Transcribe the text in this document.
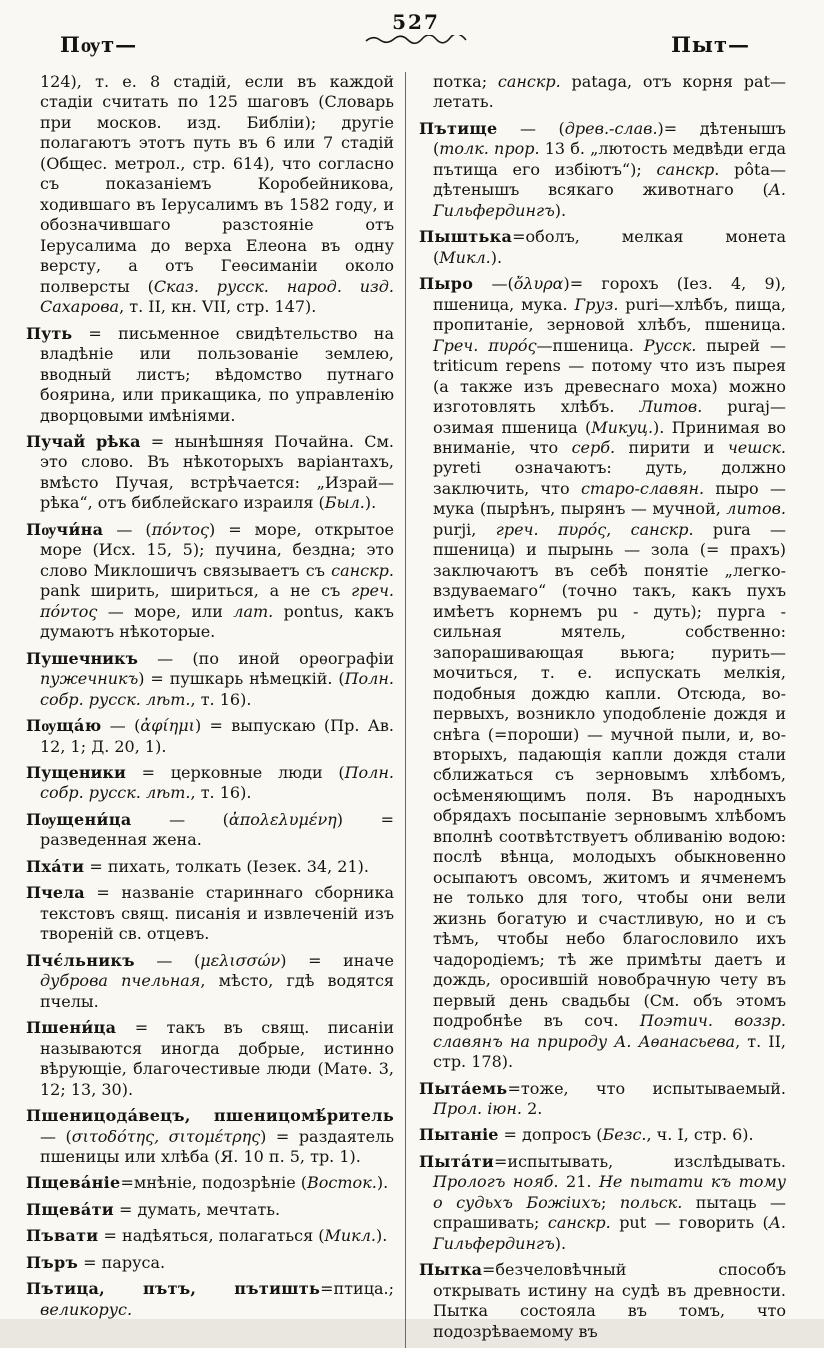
Пѹт—
527
Пыт—

124), т. е. 8 стадій, если въ каждой стадіи считать по 125 шаговъ (Словарь при москов. изд. Библіи); другіе полагаютъ этотъ путь въ 6 или 7 стадій (Общес. метрол., стр. 614), что согласно съ показаніемъ Коробейникова, ходившаго въ Іерусалимъ въ 1582 году, и обозначившаго разстояніе отъ Іерусалима до верха Елеона въ одну версту, а отъ Геѳсиманіи около полверсты (Сказ. русск. народ. изд. Сахарова, т. II, кн. VII, стр. 147).

Путь = письменное свидѣтельство на владѣніе или пользованіе землею, вводный листъ; вѣдомство путнаго боярина, или прикащика, по управленію дворцовыми имѣніями.

Пучай рѣка = нынѣшняя Почайна. См. это слово. Въ нѣкоторыхъ варіантахъ, вмѣсто Пучая, встрѣчается: „Израй—рѣка“, отъ библейскаго израиля (Был.).

Пѹчи́на — (πόντος) = море, открытое море (Исх. 15, 5); пучина, бездна; это слово Миклошичъ связываетъ съ санскр. pank ширить, шириться, а не съ греч. πόντος — море, или лат. pontus, какъ думаютъ нѣкоторые.

Пушечникъ — (по иной орѳографіи пужечникъ) = пушкарь нѣмецкій. (Полн. собр. русск. лѣт., т. 16).

Пѹща́ю — (ἀφίημι) = выпускаю (Пр. Ав. 12, 1; Д. 20, 1).

Пущеники = церковные люди (Полн. собр. русск. лѣт., т. 16).

Пѹщени́ца — (ἀπολελυμένη) = разведенная жена.

Пха́ти = пихать, толкать (Іезек. 34, 21).

Пчела = названіе стариннаго сборника текстовъ свящ. писанія и извлеченій изъ твореній св. отцевъ.

Пчє́льникъ — (μελισσών) = иначе дуброва пчельная, мѣсто, гдѣ водятся пчелы.

Пшени́ца = такъ въ свящ. писаніи называются иногда добрые, истинно вѣрующіе, благочестивые люди (Матѳ. 3, 12; 13, 30).

Пшеницода́вецъ, пшеницомѣ́ритель — (σιτοδότης, σιτομέτρης) = раздаятель пшеницы или хлѣба (Я. 10 п. 5, тр. 1).

Пщева́ніе=мнѣніе, подозрѣніе (Восток.).

Пщева́ти = думать, мечтать.

Пъвати = надѣяться, полагаться (Микл.).

Пъръ = паруса.

Пътица, пътъ, пътишть=птица.; великорус.

потка; санскр. pataga, отъ корня pat—летать.

Пътище — (древ.-слав.)= дѣтенышъ (толк. прор. 13 б. „лютость медвѣди егда пътища его избіютъ“); санскр. pôta—дѣтенышъ всякаго животнаго (А. Гильфердингъ).

Пыштька=оболъ, мелкая монета (Микл.).

Пыро —(ὄλυρα)= горохъ (Іез. 4, 9), пшеница, мука. Груз. puri—хлѣбъ, пища, пропитаніе, зерновой хлѣбъ, пшеница. Греч. πυρός—пшеница. Русск. пырей — triticum repens — потому что изъ пырея (а также изъ древеснаго моха) можно изготовлять хлѣбъ. Литов. puraj—озимая пшеница (Микуц.). Принимая во вниманіе, что серб. пирити и чешск. pyreti означаютъ: дуть, должно заключить, что старо-славян. пыро — мука (пырѣнъ, пырянъ — мучной, литов. purji, греч. πυρός, санскр. pura — пшеница) и пырынь — зола (= прахъ) заключаютъ въ себѣ понятіе „легко-вздуваемаго“ (точно такъ, какъ пухъ имѣетъ корнемъ pu - дуть); пурга - сильная мятель, собственно: запорашивающая вьюга; пурить—мочиться, т. е. испускать мелкія, подобныя дождю капли. Отсюда, во-первыхъ, возникло уподобленіе дождя и снѣга (=пороши) — мучной пыли, и, во-вторыхъ, падающія капли дождя стали сближаться съ зерновымъ хлѣбомъ, осѣменяющимъ поля. Въ народныхъ обрядахъ посыпаніе зерновымъ хлѣбомъ вполнѣ соотвѣтствуетъ обливанію водою: послѣ вѣнца, молодыхъ обыкновенно осыпаютъ овсомъ, житомъ и ячменемъ не только для того, чтобы они вели жизнь богатую и счастливую, но и съ тѣмъ, чтобы небо благословило ихъ чадородіемъ; тѣ же примѣты даетъ и дождь, оросившій новобрачную чету въ первый день свадьбы (См. объ этомъ подробнѣе въ соч. Поэтич. воззр. славянъ на природу А. Аѳанасьева, т. II, стр. 178).

Пыта́емь=тоже, что испытываемый. Прол. іюн. 2.

Пытаніе = допросъ (Безс., ч. I, стр. 6).

Пыта́ти=испытывать, изслѣдывать. Прологъ нояб. 21. Не пытати къ тому о судьхъ Божіихъ; польск. пытаць — спрашивать; санскр. put — говорить (А. Гильфердингъ).

Пытка=безчеловѣчный способъ открывать истину на судѣ въ древности. Пытка состояла въ томъ, что подозрѣваемому въ
